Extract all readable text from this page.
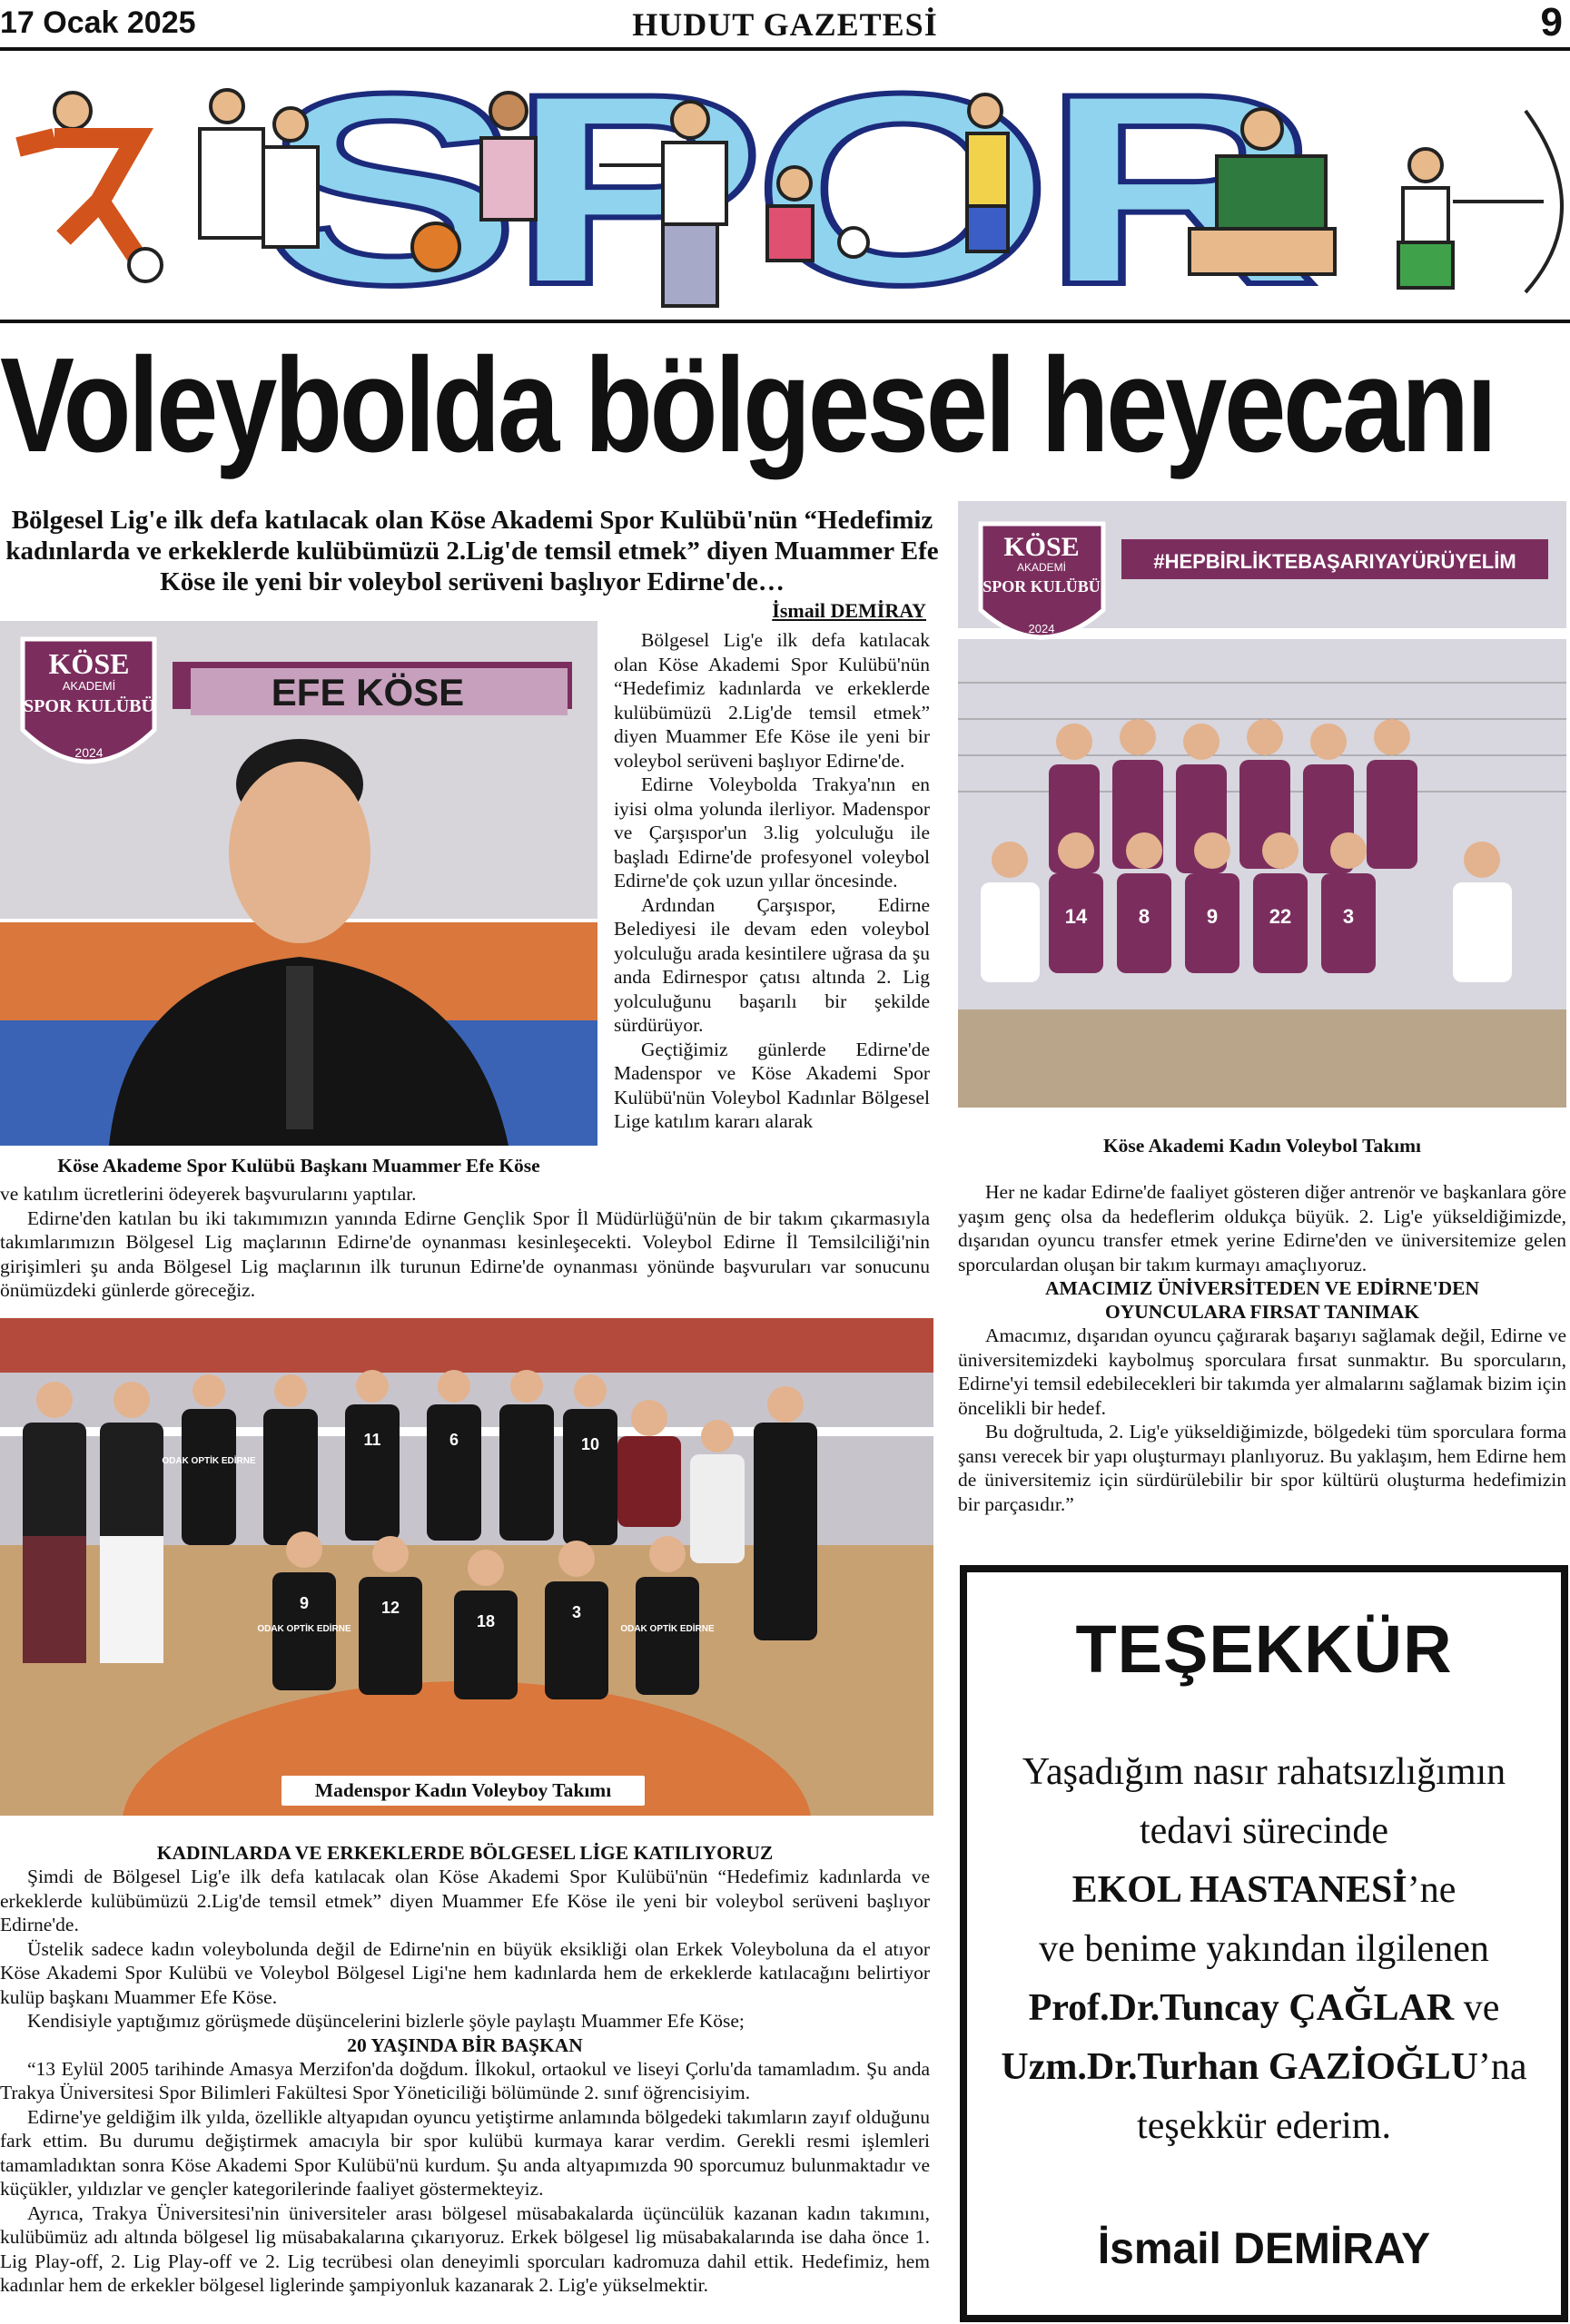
17 Ocak 2025	HUDUT GAZETESİ	9
Voleybolda bölgesel heyecanı
Bölgesel Lig'e ilk defa katılacak olan Köse Akademi Spor Kulübü'nün “Hedefimiz kadınlarda ve erkeklerde kulübümüzü 2.Lig'de temsil etmek” diyen Muammer Efe Köse ile yeni bir voleybol serüveni başlıyor Edirne'de…
İsmail DEMİRAY
KÖSE
AKADEMİ
SPOR KULÜBÜ
2024
EFE KÖSE
Köse Akademe Spor Kulübü Başkanı Muammer Efe Köse

Bölgesel Lig'e ilk defa katılacak olan Köse Akademi Spor Kulübü'nün “Hedefimiz kadınlarda ve erkeklerde kulübümüzü 2.Lig'de temsil etmek” diyen Muammer Efe Köse ile yeni bir voleybol serüveni başlıyor Edirne'de.

Edirne Voleybolda Trakya'nın en iyisi olma yolunda ilerliyor. Madenspor ve Çarşıspor'un 3.lig yolculuğu ile başladı Edirne'de profesyonel voleybol Edirne'de çok uzun yıllar öncesinde.

Ardından Çarşıspor, Edirne Belediyesi ile devam eden voleybol yolculuğu arada kesintilere uğrasa da şu anda Edirnespor çatısı altında 2. Lig yolculuğunu başarılı bir şekilde sürdürüyor.

Geçtiğimiz günlerde Edirne'de Madenspor ve Köse Akademi Spor Kulübü'nün Voleybol Kadınlar Bölgesel Lige katılım kararı alarak

ve katılım ücretlerini ödeyerek başvurularını yaptılar.

Edirne'den katılan bu iki takımımızın yanında Edirne Gençlik Spor İl Müdürlüğü'nün de bir takım çıkarmasıyla takımlarımızın Bölgesel Lig maçlarının Edirne'de oynanması kesinleşecekti. Voleybol Edirne İl Temsilciliği'nin girişimleri şu anda Bölgesel Lig maçlarının ilk turunun Edirne'de oynanması yönünde başvuruları var sonucunu önümüzdeki günlerde göreceğiz.

KÖSE
AKADEMİ
SPOR KULÜBÜ
2024
#HEPBİRLİKTEBAŞARIYAYÜRÜYELİM
14	8	22	3
9
Köse Akademi Kadın Voleybol Takımı

Her ne kadar Edirne'de faaliyet gösteren diğer antrenör ve başkanlara göre yaşım genç olsa da hedeflerim oldukça büyük. 2. Lig'e yükseldiğimizde, dışarıdan oyuncu transfer etmek yerine Edirne'den ve üniversitemize gelen sporculardan oluşan bir takım kurmayı amaçlıyoruz.

AMACIMIZ ÜNİVERSİTEDEN VE EDİRNE'DEN OYUNCULARA FIRSAT TANIMAK

Amacımız, dışarıdan oyuncu çağırarak başarıyı sağlamak değil, Edirne ve üniversitemizdeki kaybolmuş sporculara fırsat sunmaktır. Bu sporcuların, Edirne'yi temsil edebilecekleri bir takımda yer almalarını sağlamak bizim için öncelikli bir hedef.

Bu doğrultuda, 2. Lig'e yükseldiğimizde, bölgedeki tüm sporculara forma şansı verecek bir yapı oluşturmayı planlıyoruz. Bu yaklaşım, hem Edirne hem de üniversitemiz için sürdürülebilir bir spor kültürü oluşturma hedefimizin bir parçasıdır.”

11	6	10
9	12
18	3
ODAK OPTİK EDİRNE
ODAK OPTİK EDİRNE	ODAK OPTİK EDİRNE
Madenspor Kadın Voleyboy Takımı
KADINLARDA VE ERKEKLERDE BÖLGESEL LİGE KATILIYORUZ

Şimdi de Bölgesel Lig'e ilk defa katılacak olan Köse Akademi Spor Kulübü'nün “Hedefimiz kadınlarda ve erkeklerde kulübümüzü 2.Lig'de temsil etmek” diyen Muammer Efe Köse ile yeni bir voleybol serüveni başlıyor Edirne'de.

Üstelik sadece kadın voleybolunda değil de Edirne'nin en büyük eksikliği olan Erkek Voleyboluna da el atıyor Köse Akademi Spor Kulübü ve Voleybol Bölgesel Ligi'ne hem kadınlarda hem de erkeklerde katılacağını belirtiyor kulüp başkanı Muammer Efe Köse.

Kendisiyle yaptığımız görüşmede düşüncelerini bizlerle şöyle paylaştı Muammer Efe Köse;

20 YAŞINDA BİR BAŞKAN

“13 Eylül 2005 tarihinde Amasya Merzifon'da doğdum. İlkokul, ortaokul ve liseyi Çorlu'da tamamladım. Şu anda Trakya Üniversitesi Spor Bilimleri Fakültesi Spor Yöneticiliği bölümünde 2. sınıf öğrencisiyim.

Edirne'ye geldiğim ilk yılda, özellikle altyapıdan oyuncu yetiştirme anlamında bölgedeki takımların zayıf olduğunu fark ettim. Bu durumu değiştirmek amacıyla bir spor kulübü kurmaya karar verdim. Gerekli resmi işlemleri tamamladıktan sonra Köse Akademi Spor Kulübü'nü kurdum. Şu anda altyapımızda 90 sporcumuz bulunmaktadır ve küçükler, yıldızlar ve gençler kategorilerinde faaliyet göstermekteyiz.

Ayrıca, Trakya Üniversitesi'nin üniversiteler arası bölgesel müsabakalarda üçüncülük kazanan kadın takımını, kulübümüz adı altında bölgesel lig müsabakalarına çıkarıyoruz. Erkek bölgesel lig müsabakalarında ise daha önce 1. Lig Play-off, 2. Lig Play-off ve 2. Lig tecrübesi olan deneyimli sporcuları kadromuza dahil ettik. Hedefimiz, hem kadınlar hem de erkekler bölgesel liglerinde şampiyonluk kazanarak 2. Lig'e yükselmektir.

TEŞEKKÜR
Yaşadığım nasır rahatsızlığımın
tedavi sürecinde
EKOL HASTANESİ’ne
ve benime yakından ilgilenen
Prof.Dr.Tuncay ÇAĞLAR ve
Uzm.Dr.Turhan GAZİOĞLU’na
teşekkür ederim.
İsmail DEMİRAY
